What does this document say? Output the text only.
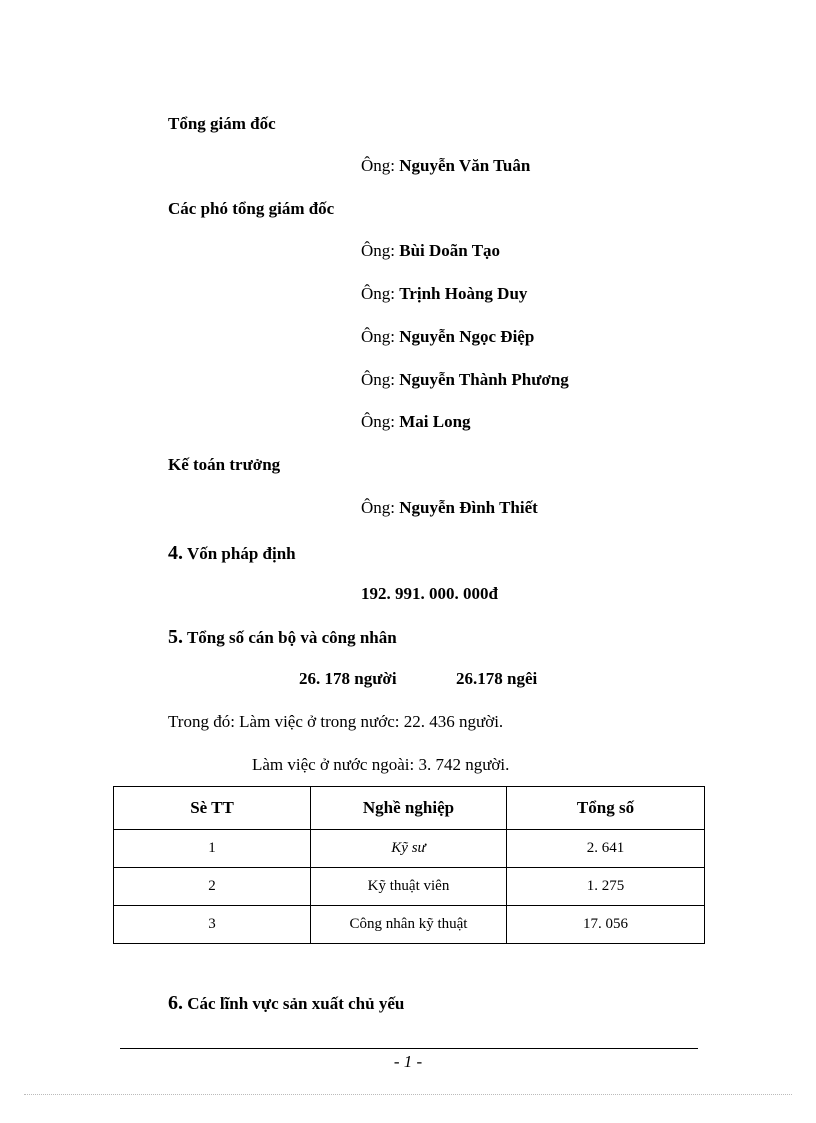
Tổng giám đốc
Ông: Nguyễn Văn Tuân
Các phó tổng giám đốc
Ông: Bùi Doãn Tạo
Ông: Trịnh Hoàng Duy
Ông: Nguyễn Ngọc Điệp
Ông: Nguyễn Thành Phương
Ông: Mai Long
Kế toán trưởng
Ông: Nguyễn Đình Thiết
4. Vốn pháp định
192. 991. 000. 000đ
5. Tổng số cán bộ và công nhân
26. 178 người	26.178 ngêi
Trong đó: Làm việc ở trong nước: 22. 436 người.
Làm việc ở nước ngoài: 3. 742 người.
Sè TT	Nghề nghiệp	Tổng số
1	Kỹ sư	2. 641
2	Kỹ thuật viên	1. 275
3	Công nhân kỹ thuật	17. 056
6. Các lĩnh vực sản xuất chủ yếu
- 1 -
